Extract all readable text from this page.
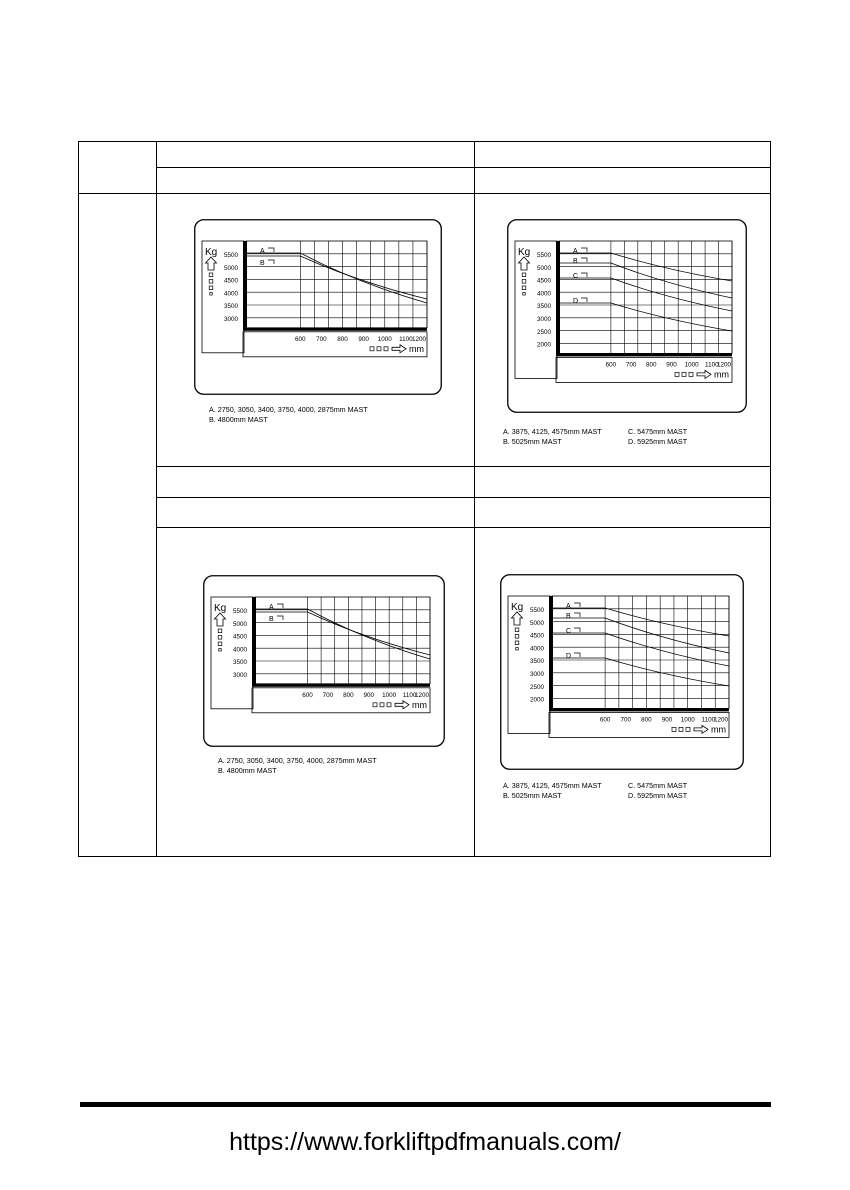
Kg 5500
5000
4500
4000
3500
3000
A
B
600 700 800 900 1000 1100 1200
mm
A. 2750, 3050, 3400, 3750, 4000, 2875mm MAST
B. 4800mm MAST
Kg 5500
5000
4500
4000
3500
3000
2500
2000
A
B
C
D
600 700 800 900 1000 1100
1200
mm
A. 3875, 4125, 4575mm MAST
B. 5025mm MAST
C. 5475mm MAST
D. 5925mm MAST
Kg 5500
5000
4500
4000
3500
3000
A
B
600 700 800 900 1000 1100
1200
mm
A. 2750, 3050, 3400, 3750, 4000, 2875mm MAST
B. 4800mm MAST
Kg 5500
5000
4500
4000
3500
3000
2500
2000
A
B
C
D
600 700 800 900 1000 1100
1200
mm
A. 3875, 4125, 4575mm MAST
B. 5025mm MAST
C. 5475mm MAST
D. 5925mm MAST
https://www.forkliftpdfmanuals.com/
